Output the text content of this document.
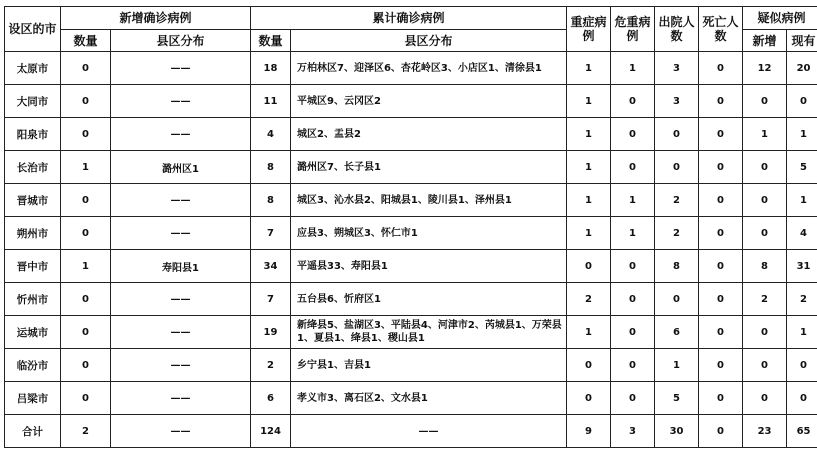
设区的市	新增确诊病例		累计确诊病例		重症病例	危重病例	出院人数	死亡人数	疑似病例	
	数量	县区分布	数量	县区分布					新增	现有
太原市	0	——	18	万柏林区7、迎泽区6、杏花岭区3、小店区1、清徐县1	1	1	3	0	12	20
大同市	0	——	11	平城区9、云冈区2	1	0	3	0	0	0
阳泉市	0	——	4	城区2、盂县2	1	0	0	0	1	1
长治市	1	潞州区1	8	潞州区7、长子县1	1	0	0	0	0	5
晋城市	0	——	8	城区3、沁水县2、阳城县1、陵川县1、泽州县1	1	1	2	0	0	1
朔州市	0	——	7	应县3、朔城区3、怀仁市1	1	1	2	0	0	4
晋中市	1	寿阳县1	34	平遥县33、寿阳县1	0	0	8	0	8	31
忻州市	0	——	7	五台县6、忻府区1	2	0	0	0	2	2
运城市	0	——	19	新绛县5、盐湖区3、平陆县4、河津市2、芮城县1、万荣县1、夏县1、绛县1、稷山县1	1	0	6	0	0	1
临汾市	0	——	2	乡宁县1、吉县1	0	0	1	0	0	0
吕梁市	0	——	6	孝义市3、离石区2、文水县1	0	0	5	0	0	0
合计	2	——	124	——	9	3	30	0	23	65
